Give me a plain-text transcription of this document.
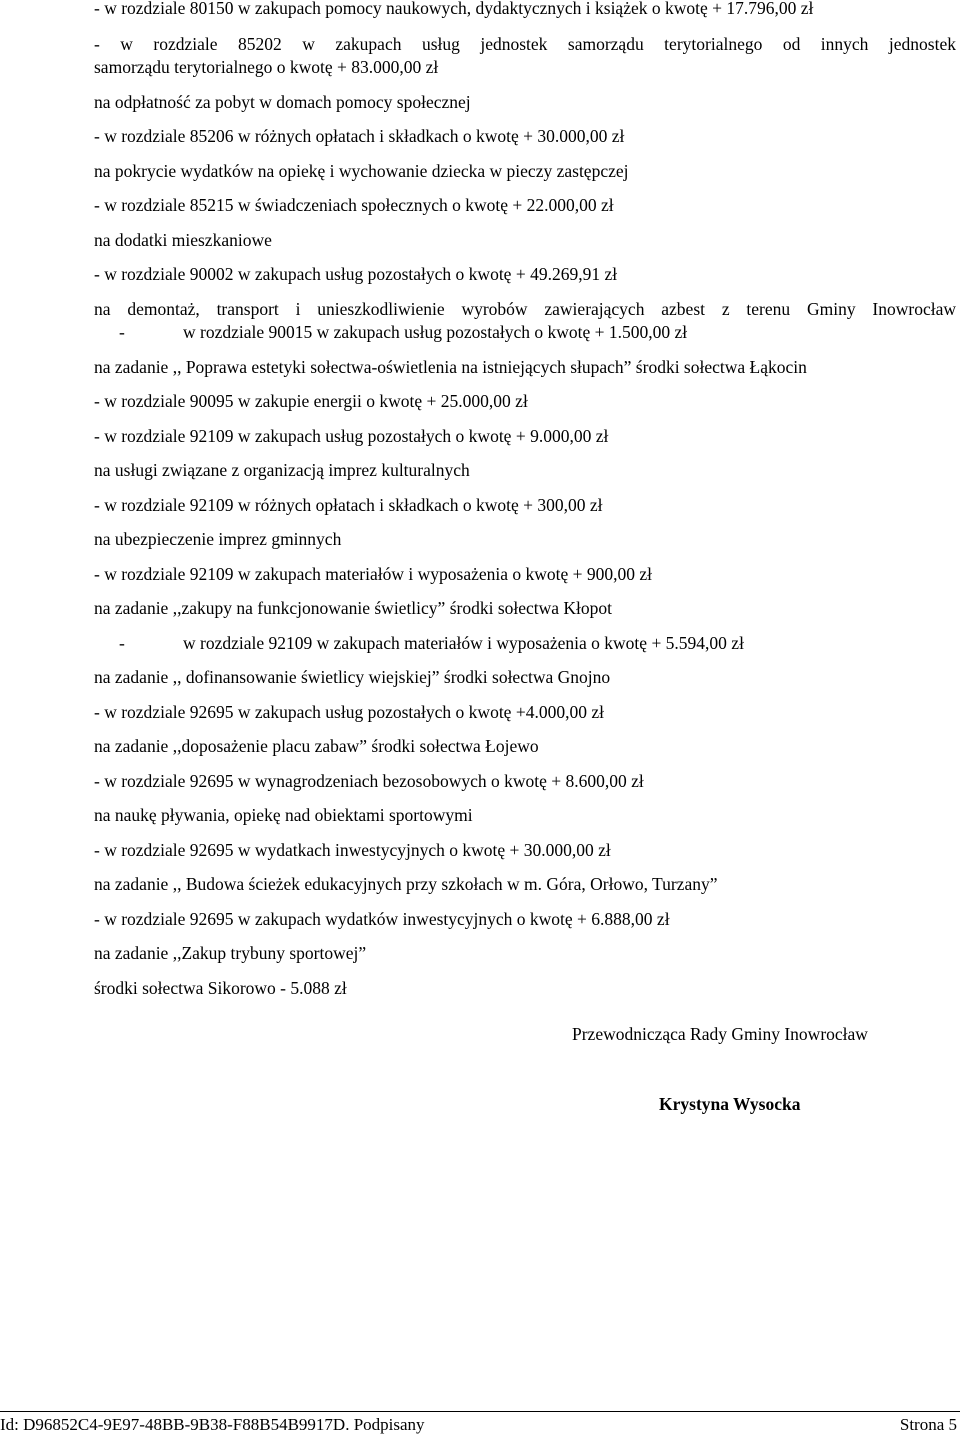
- w rozdziale 80150 w zakupach pomocy naukowych, dydaktycznych i książek o kwotę + 17.796,00 zł

- w rozdziale 85202 w zakupach usług jednostek samorządu terytorialnego od innych jednostek

samorządu terytorialnego o kwotę + 83.000,00 zł

na odpłatność za pobyt w domach pomocy społecznej

- w rozdziale 85206 w różnych opłatach i składkach o kwotę + 30.000,00 zł

na pokrycie wydatków na opiekę i wychowanie dziecka w pieczy zastępczej

- w rozdziale 85215 w świadczeniach społecznych o kwotę + 22.000,00 zł

na dodatki mieszkaniowe

- w rozdziale 90002 w zakupach usług pozostałych o kwotę + 49.269,91 zł

na demontaż, transport i unieszkodliwienie wyrobów zawierających azbest z terenu Gminy Inowrocław

-	w rozdziale 90015 w zakupach usług pozostałych o kwotę + 1.500,00 zł

na zadanie ,, Poprawa estetyki sołectwa-oświetlenia na istniejących słupach” środki sołectwa Łąkocin

- w rozdziale 90095 w zakupie energii o kwotę + 25.000,00 zł

- w rozdziale 92109 w zakupach usług pozostałych o kwotę + 9.000,00 zł

na usługi związane z organizacją imprez kulturalnych

- w rozdziale 92109 w różnych opłatach i składkach o kwotę + 300,00 zł

na ubezpieczenie imprez gminnych

- w rozdziale 92109 w zakupach materiałów i wyposażenia o kwotę + 900,00 zł

na zadanie ,,zakupy na funkcjonowanie świetlicy” środki sołectwa Kłopot

-	w rozdziale 92109 w zakupach materiałów i wyposażenia o kwotę + 5.594,00 zł

na zadanie ,, dofinansowanie świetlicy wiejskiej” środki sołectwa Gnojno

- w rozdziale 92695 w zakupach usług pozostałych o kwotę +4.000,00 zł

na zadanie ,,doposażenie placu zabaw” środki sołectwa Łojewo

- w rozdziale 92695 w wynagrodzeniach bezosobowych o kwotę + 8.600,00 zł

na naukę pływania, opiekę nad obiektami sportowymi

- w rozdziale 92695 w wydatkach inwestycyjnych o kwotę + 30.000,00 zł

na zadanie ,, Budowa ścieżek edukacyjnych przy szkołach w m. Góra, Orłowo, Turzany”

- w rozdziale 92695 w zakupach wydatków inwestycyjnych o kwotę + 6.888,00 zł

na zadanie ,,Zakup trybuny sportowej”

środki sołectwa Sikorowo - 5.088 zł

Przewodnicząca Rady Gminy Inowrocław

Krystyna Wysocka

Id: D96852C4-9E97-48BB-9B38-F88B54B9917D. Podpisany	Strona 5
